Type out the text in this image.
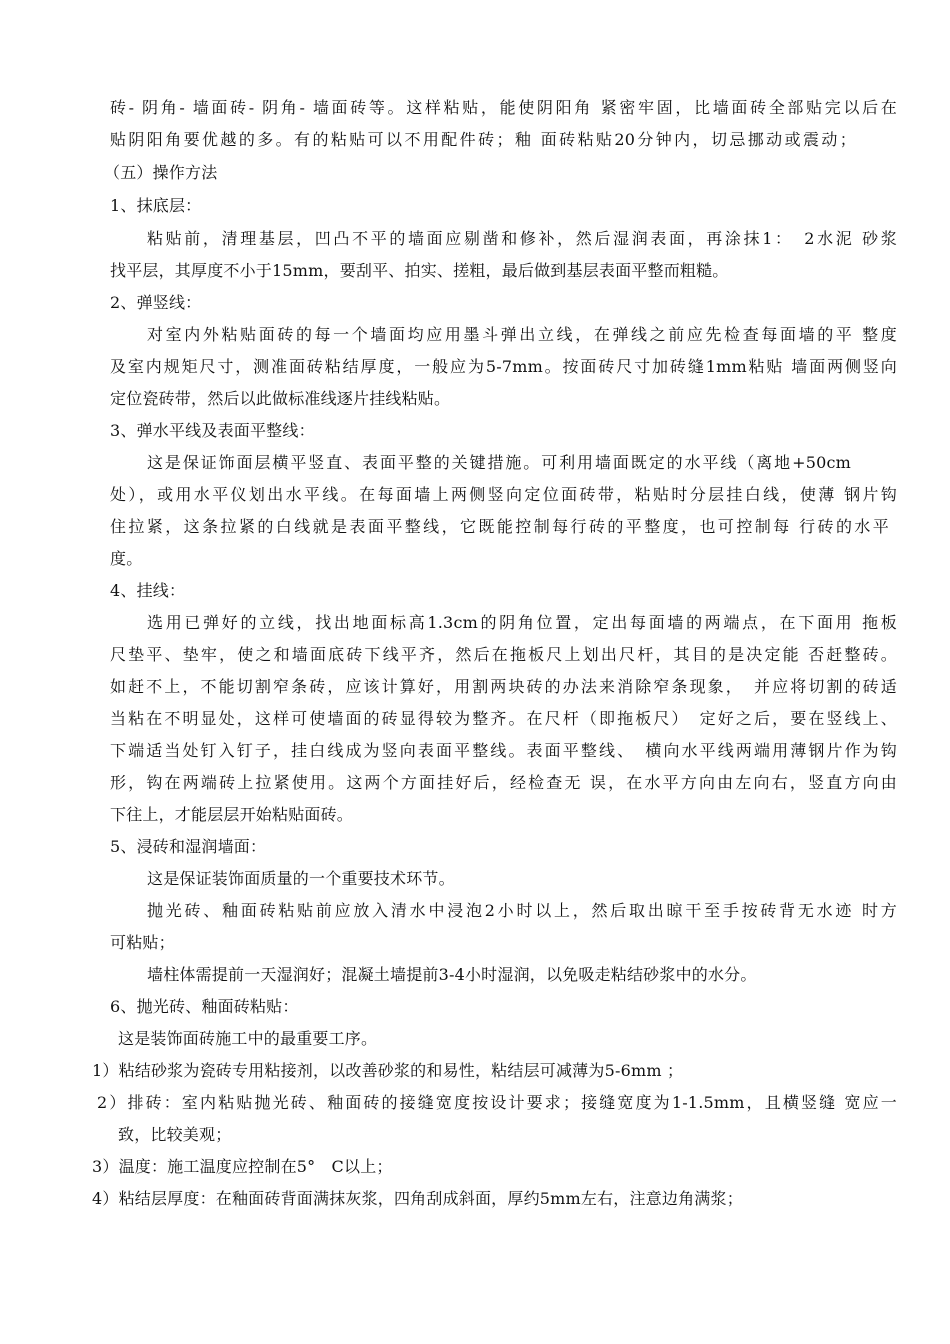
砖- 阴角- 墙面砖- 阴角- 墙面砖等。这样粘贴，能使阴阳角 紧密牢固，比墙面砖全部贴完以后在
贴阴阳角要优越的多。有的粘贴可以不用配件砖；釉 面砖粘贴20分钟内，切忌挪动或震动；
（五）操作方法
1、抹底层：
粘贴前，清理基层，凹凸不平的墙面应剔凿和修补，然后湿润表面，再涂抹1：　2水泥 砂浆
找平层，其厚度不小于15mm，要刮平、拍实、搓粗，最后做到基层表面平整而粗糙。
2、弹竖线：
对室内外粘贴面砖的每一个墙面均应用墨斗弹出立线，在弹线之前应先检查每面墙的平 整度
及室内规矩尺寸，测准面砖粘结厚度，一般应为5-7mm。按面砖尺寸加砖缝1mm粘贴 墙面两侧竖向
定位瓷砖带，然后以此做标准线逐片挂线粘贴。
3、弹水平线及表面平整线：
这是保证饰面层横平竖直、表面平整的关键措施。可利用墙面既定的水平线（离地+50cm
处），或用水平仪划出水平线。在每面墙上两侧竖向定位面砖带，粘贴时分层挂白线，使薄 钢片钩
住拉紧，这条拉紧的白线就是表面平整线，它既能控制每行砖的平整度，也可控制每 行砖的水平
度。
4、挂线：
选用已弹好的立线，找出地面标高1.3cm的阴角位置，定出每面墙的两端点，在下面用 拖板
尺垫平、垫牢，使之和墙面底砖下线平齐，然后在拖板尺上划出尺杆，其目的是决定能 否赶整砖。
如赶不上，不能切割窄条砖，应该计算好，用割两块砖的办法来消除窄条现象，　并应将切割的砖适
当粘在不明显处，这样可使墙面的砖显得较为整齐。在尺杆（即拖板尺）　定好之后，要在竖线上、
下端适当处钉入钉子，挂白线成为竖向表面平整线。表面平整线、　横向水平线两端用薄钢片作为钩
形，钩在两端砖上拉紧使用。这两个方面挂好后，经检查无 误，在水平方向由左向右，竖直方向由
下往上，才能层层开始粘贴面砖。
5、浸砖和湿润墙面：
这是保证装饰面质量的一个重要技术环节。
抛光砖、釉面砖粘贴前应放入清水中浸泡2小时以上，然后取出晾干至手按砖背无水迹 时方
可粘贴；
墙柱体需提前一天湿润好；混凝土墙提前3-4小时湿润，以免吸走粘结砂浆中的水分。
6、抛光砖、釉面砖粘贴：
这是装饰面砖施工中的最重要工序。
1）粘结砂浆为瓷砖专用粘接剂，以改善砂浆的和易性，粘结层可减薄为5-6mm ；
2）排砖：室内粘贴抛光砖、釉面砖的接缝宽度按设计要求；接缝宽度为1-1.5mm，且横竖缝 宽应一
致，比较美观；
3）温度：施工温度应控制在5°　C以上；
4）粘结层厚度：在釉面砖背面满抹灰浆，四角刮成斜面，厚约5mm左右，注意边角满浆；
